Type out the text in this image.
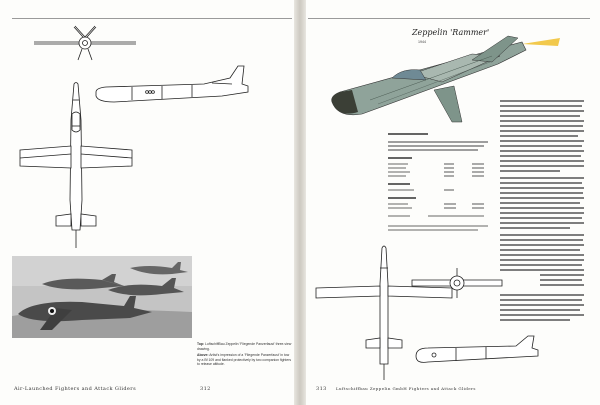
Top: LuftschiffBau Zeppelin 'Fliegende Panzerfaust' three-view drawing.
Above: Artist's impression of a 'Fliegende Panzerfaust' in tow by a Bf 109 and flanked protectively by two companion fighters to release altitude.
Air-Launched Fighters and Attack Gliders	312
Zeppelin 'Rammer'
1944
313 Luftschiffbau Zeppelin GmbH Fighters and Attack Gliders
